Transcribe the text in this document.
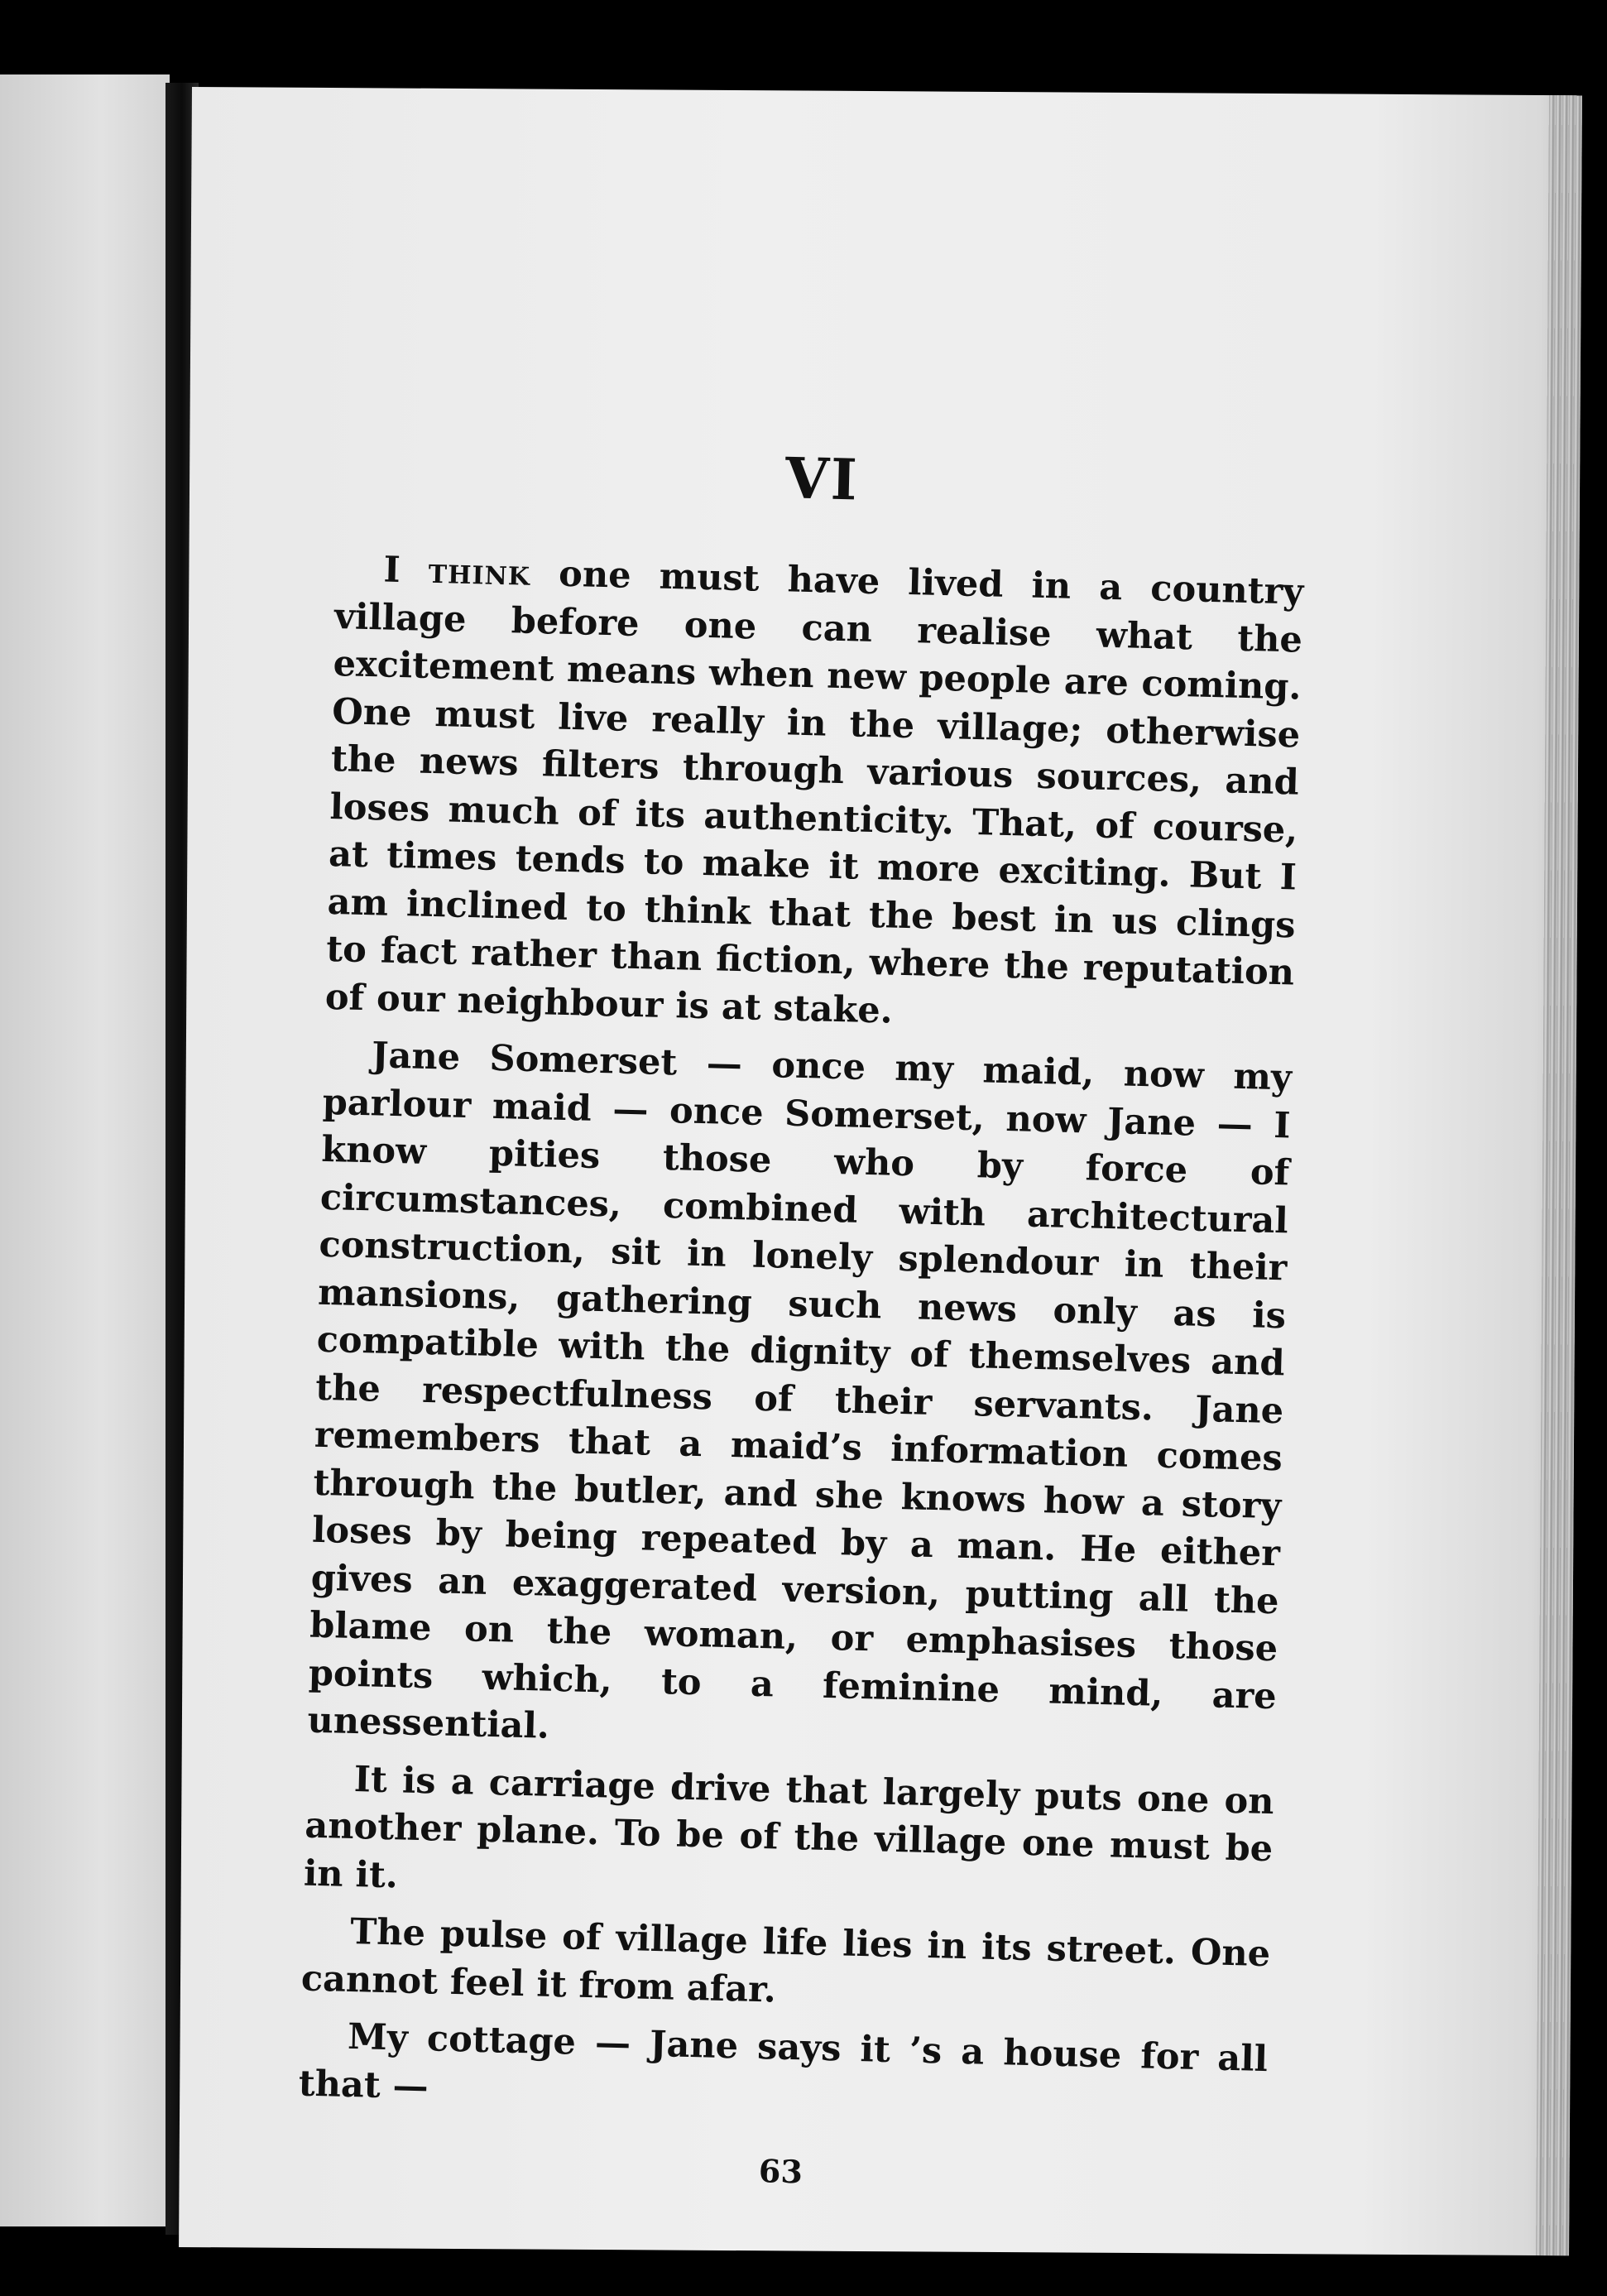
VI

I think one must have lived in a country village before one can realise what the excitement means when new people are coming. One must live really in the village; otherwise the news filters through various sources, and loses much of its authenticity. That, of course, at times tends to make it more exciting. But I am inclined to think that the best in us clings to fact rather than fiction, where the reputation of our neighbour is at stake.

Jane Somerset — once my maid, now my parlour maid — once Somerset, now Jane — I know pities those who by force of circumstances, combined with architectural construction, sit in lonely splendour in their mansions, gathering such news only as is compatible with the dignity of themselves and the respectfulness of their servants. Jane remembers that a maid’s information comes through the butler, and she knows how a story loses by being repeated by a man. He either gives an exaggerated version, putting all the blame on the woman, or emphasises those points which, to a feminine mind, are unessential.

It is a carriage drive that largely puts one on another plane. To be of the village one must be in it.

The pulse of village life lies in its street. One cannot feel it from afar.

My cottage — Jane says it ’s a house for all that —

63
